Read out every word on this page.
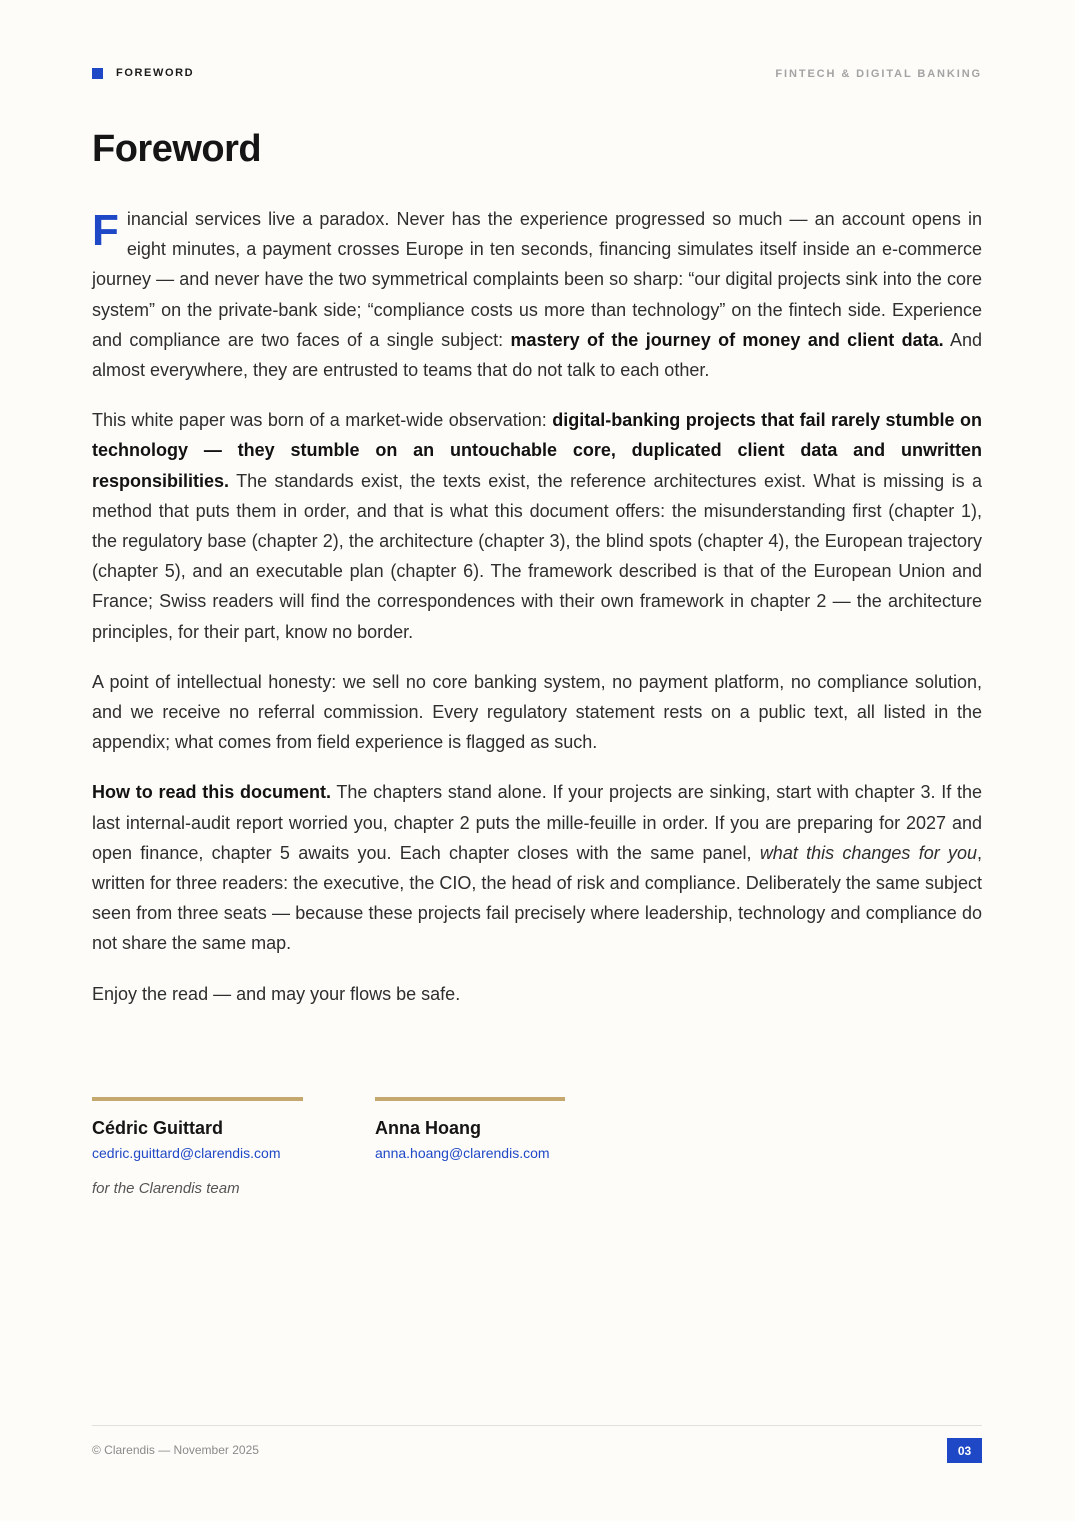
FOREWORD	FINTECH & DIGITAL BANKING
Foreword

Financial services live a paradox. Never has the experience progressed so much — an account opens in eight minutes, a payment crosses Europe in ten seconds, financing simulates itself inside an e-commerce journey — and never have the two symmetrical complaints been so sharp: “our digital projects sink into the core system” on the private-bank side; “compliance costs us more than technology” on the fintech side. Experience and compliance are two faces of a single subject: mastery of the journey of money and client data. And almost everywhere, they are entrusted to teams that do not talk to each other.

This white paper was born of a market-wide observation: digital-banking projects that fail rarely stumble on technology — they stumble on an untouchable core, duplicated client data and unwritten responsibilities. The standards exist, the texts exist, the reference architectures exist. What is missing is a method that puts them in order, and that is what this document offers: the misunderstanding first (chapter 1), the regulatory base (chapter 2), the architecture (chapter 3), the blind spots (chapter 4), the European trajectory (chapter 5), and an executable plan (chapter 6). The framework described is that of the European Union and France; Swiss readers will find the correspondences with their own framework in chapter 2 — the architecture principles, for their part, know no border.

A point of intellectual honesty: we sell no core banking system, no payment platform, no compliance solution, and we receive no referral commission. Every regulatory statement rests on a public text, all listed in the appendix; what comes from field experience is flagged as such.

How to read this document. The chapters stand alone. If your projects are sinking, start with chapter 3. If the last internal-audit report worried you, chapter 2 puts the mille-feuille in order. If you are preparing for 2027 and open finance, chapter 5 awaits you. Each chapter closes with the same panel, what this changes for you, written for three readers: the executive, the CIO, the head of risk and compliance. Deliberately the same subject seen from three seats — because these projects fail precisely where leadership, technology and compliance do not share the same map.

Enjoy the read — and may your flows be safe.

Cédric Guittard
cedric.guittard@clarendis.com
Anna Hoang
anna.hoang@clarendis.com
for the Clarendis team
© Clarendis — November 2025	03
